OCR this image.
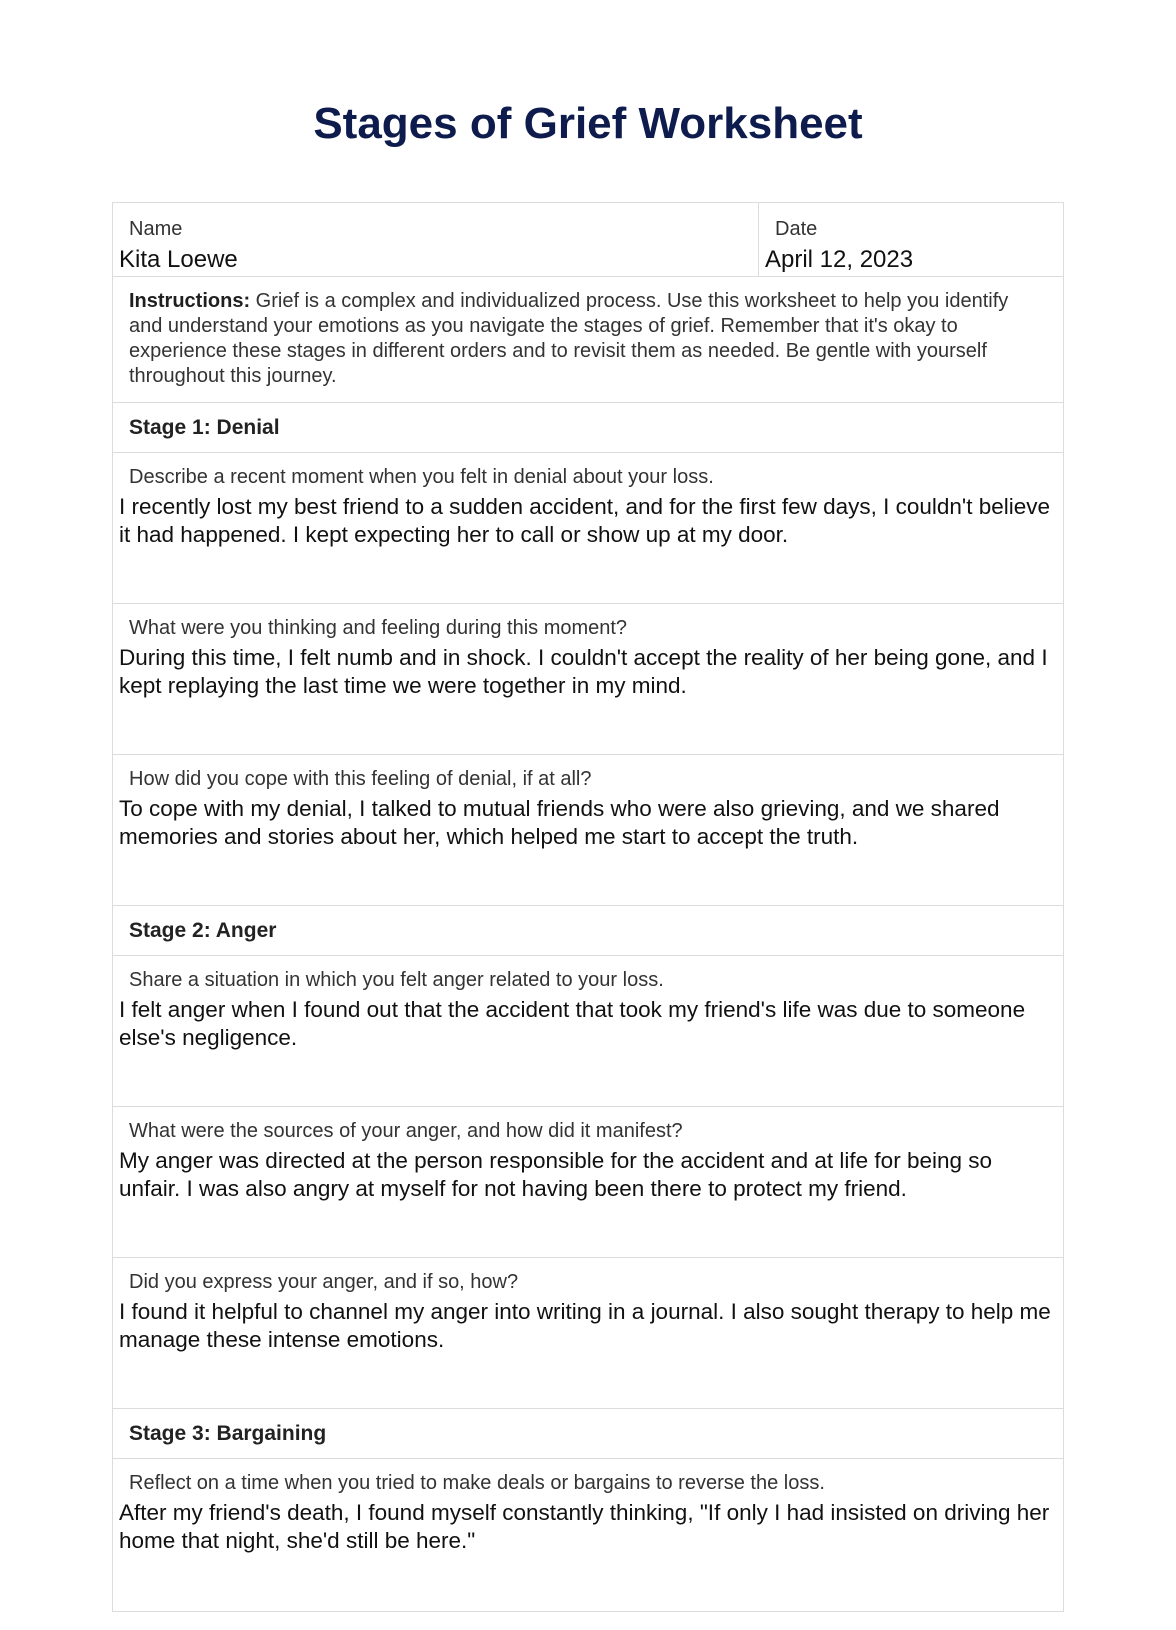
Stages of Grief Worksheet
Name
Kita Loewe
Date
April 12, 2023
Instructions: Grief is a complex and individualized process. Use this worksheet to help you identify and understand your emotions as you navigate the stages of grief. Remember that it's okay to experience these stages in different orders and to revisit them as needed. Be gentle with yourself throughout this journey.
Stage 1: Denial
Describe a recent moment when you felt in denial about your loss.
I recently lost my best friend to a sudden accident, and for the first few days, I couldn't believe it had happened. I kept expecting her to call or show up at my door.
What were you thinking and feeling during this moment?
During this time, I felt numb and in shock. I couldn't accept the reality of her being gone, and I kept replaying the last time we were together in my mind.
How did you cope with this feeling of denial, if at all?
To cope with my denial, I talked to mutual friends who were also grieving, and we shared memories and stories about her, which helped me start to accept the truth.
Stage 2: Anger
Share a situation in which you felt anger related to your loss.
I felt anger when I found out that the accident that took my friend's life was due to someone else's negligence.
What were the sources of your anger, and how did it manifest?
My anger was directed at the person responsible for the accident and at life for being so unfair. I was also angry at myself for not having been there to protect my friend.
Did you express your anger, and if so, how?
I found it helpful to channel my anger into writing in a journal. I also sought therapy to help me manage these intense emotions.
Stage 3: Bargaining
Reflect on a time when you tried to make deals or bargains to reverse the loss.
After my friend's death, I found myself constantly thinking, "If only I had insisted on driving her home that night, she'd still be here."
